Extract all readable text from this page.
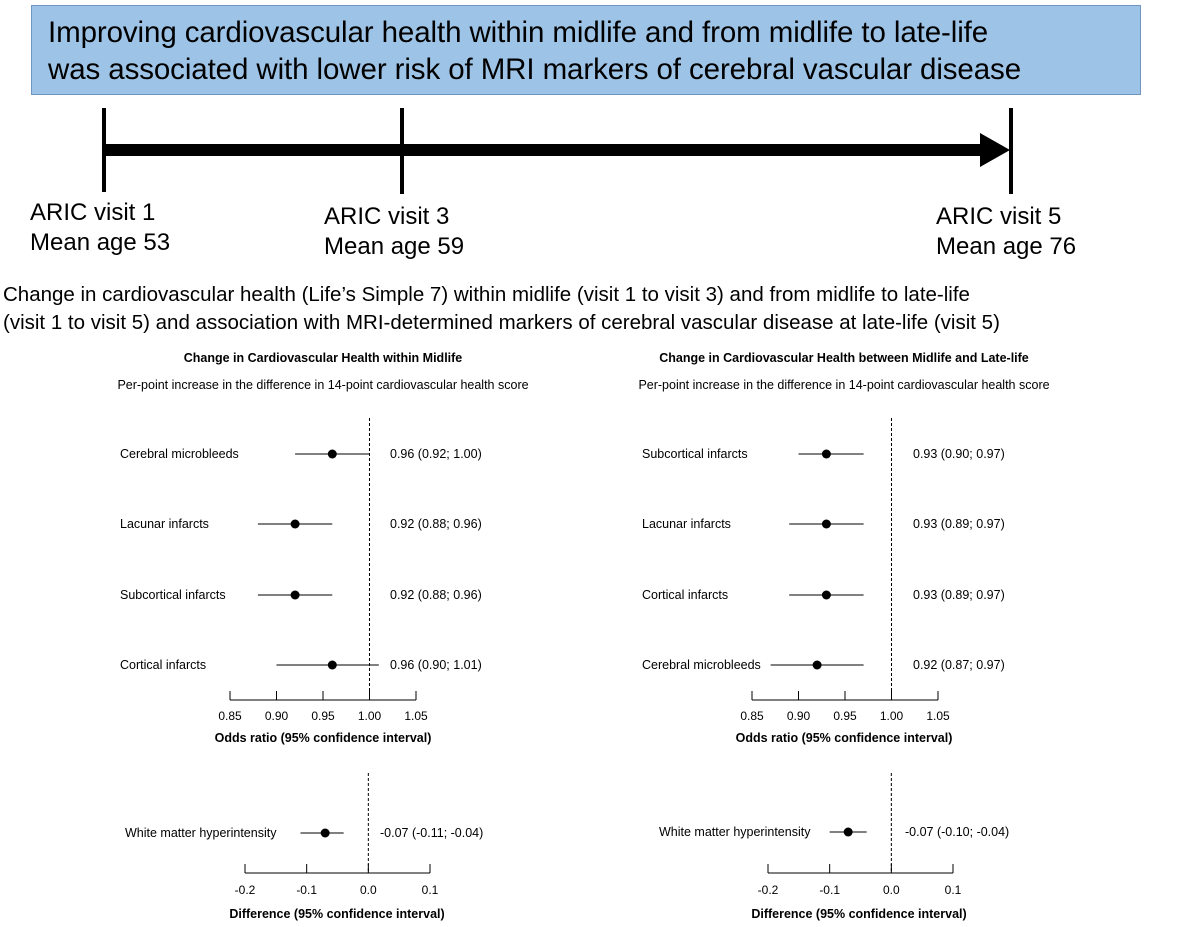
Improving cardiovascular health within midlife and from midlife to late-life
was associated with lower risk of MRI markers of cerebral vascular disease
ARIC visit 1
Mean age 53
ARIC visit 3
Mean age 59
ARIC visit 5
Mean age 76
Change in cardiovascular health (Life’s Simple 7) within midlife (visit 1 to visit 3) and from midlife to late-life
(visit 1 to visit 5) and association with MRI-determined markers of cerebral vascular disease at late-life (visit 5)
Change in Cardiovascular Health within Midlife
Per-point increase in the difference in 14-point cardiovascular health score
Cerebral microbleeds	0.96 (0.92; 1.00)
Lacunar infarcts	0.92 (0.88; 0.96)
Subcortical infarcts	0.92 (0.88; 0.96)
Cortical infarcts	0.96 (0.90; 1.01)
0.85 0.90 0.95 1.00 1.05
Odds ratio (95% confidence interval)
Change in Cardiovascular Health between Midlife and Late-life
Per-point increase in the difference in 14-point cardiovascular health score
Subcortical infarcts	0.93 (0.90; 0.97)
Lacunar infarcts	0.93 (0.89; 0.97)
Cortical infarcts	0.93 (0.89; 0.97)
Cerebral microbleeds	0.92 (0.87; 0.97)
0.85 0.90 0.95 1.00 1.05
Odds ratio (95% confidence interval)
White matter hyperintensity	-0.07 (-0.11; -0.04)
-0.2	-0.1	0.0	0.1
Difference (95% confidence interval)
White matter hyperintensity	-0.07 (-0.10; -0.04)
-0.2	-0.1	0.0	0.1
Difference (95% confidence interval)
